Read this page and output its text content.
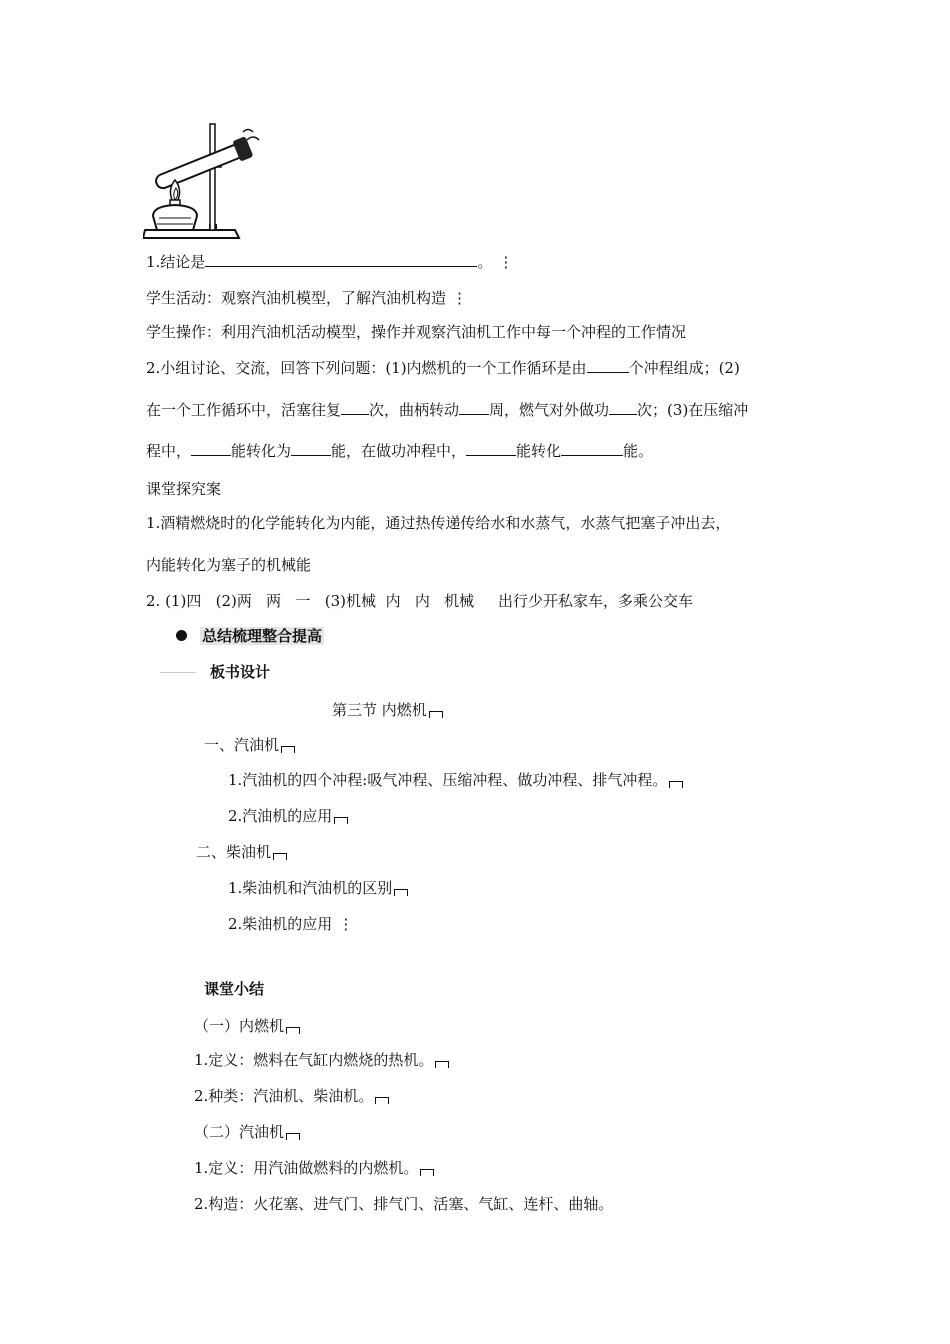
1.结论是	。 ⋮
学生活动：观察汽油机模型，了解汽油机构造 ⋮
学生操作：利用汽油机活动模型，操作并观察汽油机工作中每一个冲程的工作情况
2.小组讨论、交流，回答下列问题：(1)内燃机的一个工作循环是由	个冲程组成；(2)
在一个工作循环中，活塞往复 次，曲柄转动 周，燃气对外做功 次；(3)在压缩冲
程中，	能转化为	能，在做功冲程中，	能转化	能。
课堂探究案
1.酒精燃烧时的化学能转化为内能，通过热传递传给水和水蒸气，水蒸气把塞子冲出去，
内能转化为塞子的机械能
2. (1)四   (2)两   两   一   (3)机械  内   内   机械     出行少开私家车，多乘公交车
总结梳理整合提高
板书设计
第三节 内燃机
一、汽油机
1.汽油机的四个冲程:吸气冲程、压缩冲程、做功冲程、排气冲程。
2.汽油机的应用
二、柴油机
1.柴油机和汽油机的区别
2.柴油机的应用 ⋮
课堂小结
（一）内燃机
1.定义：燃料在气缸内燃烧的热机。
2.种类：汽油机、柴油机。
（二）汽油机
1.定义：用汽油做燃料的内燃机。
2.构造：火花塞、进气门、排气门、活塞、气缸、连杆、曲轴。
